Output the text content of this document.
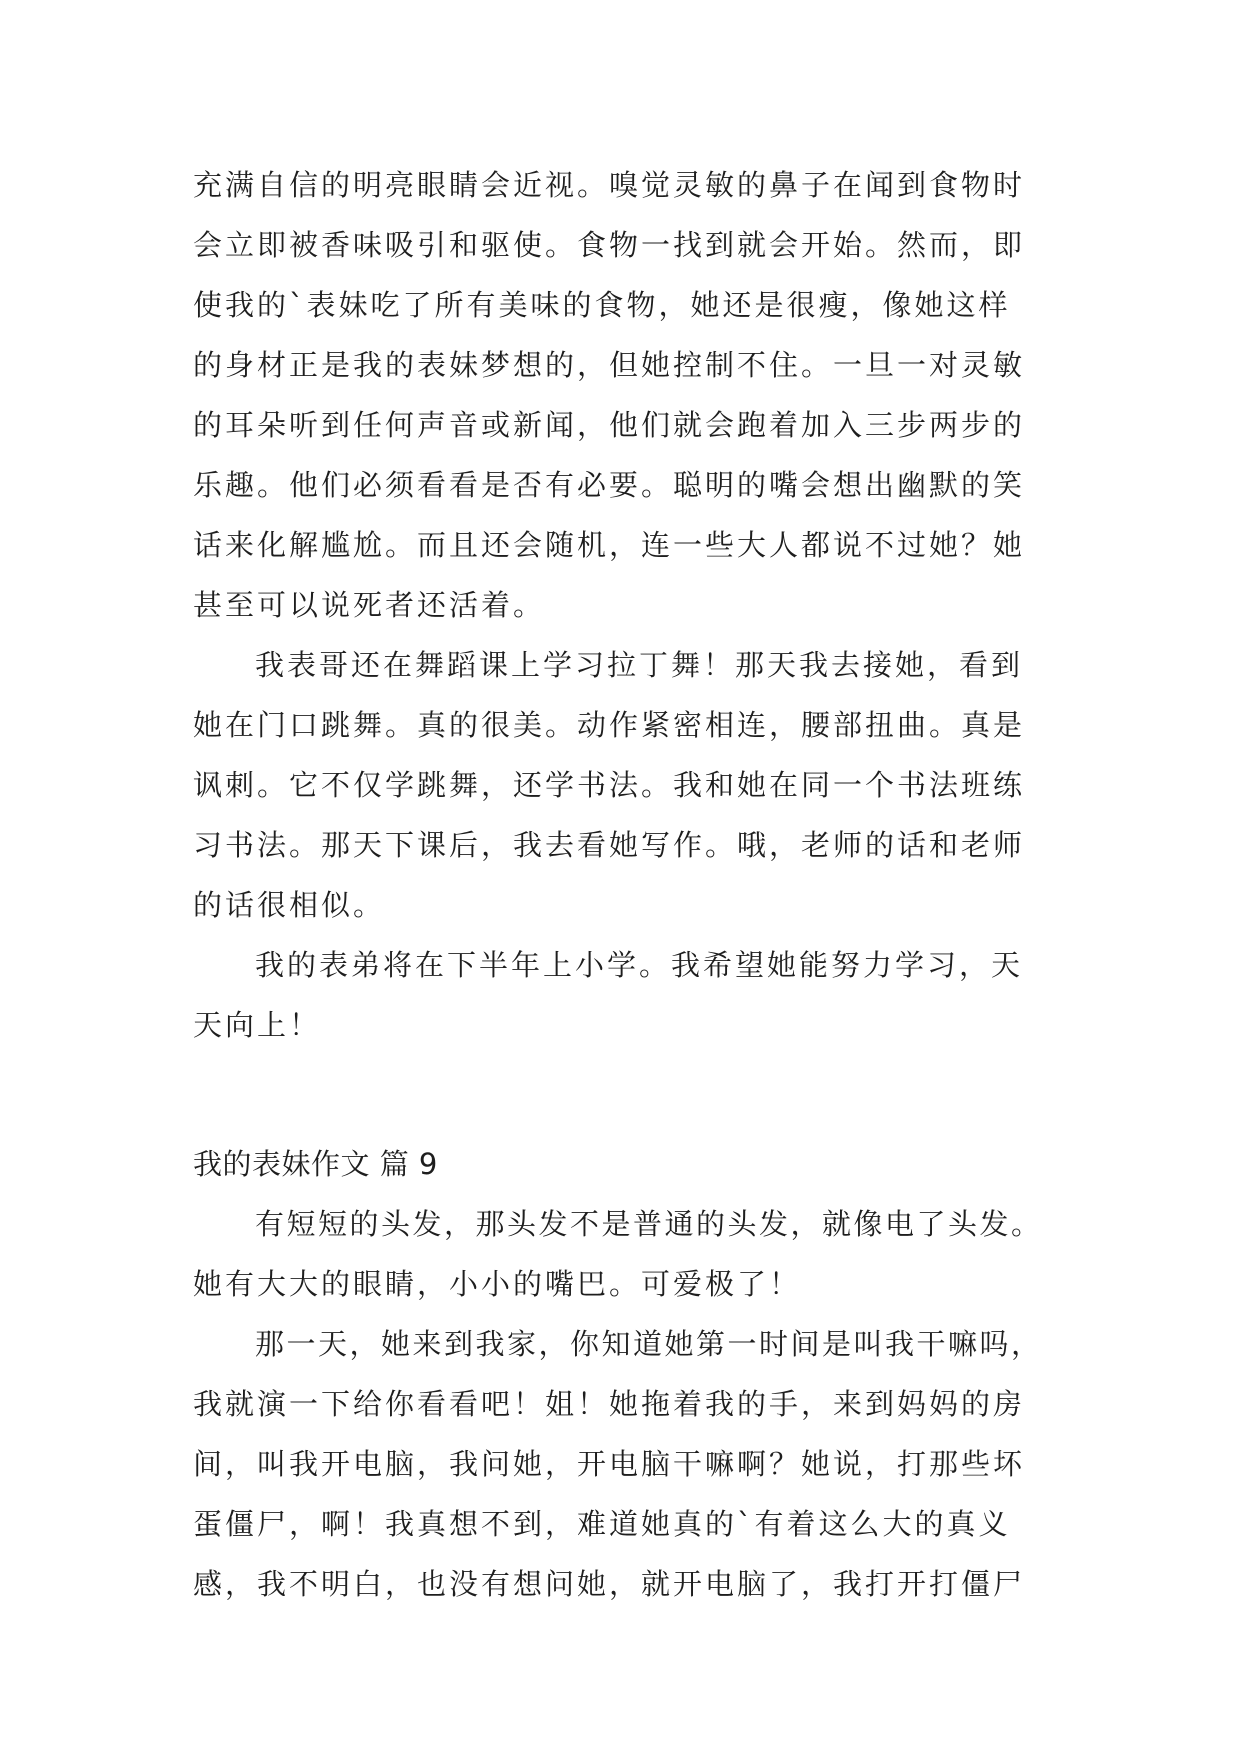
充满自信的明亮眼睛会近视。嗅觉灵敏的鼻子在闻到食物时
会立即被香味吸引和驱使。食物一找到就会开始。然而，即
使我的`表妹吃了所有美味的食物，她还是很瘦，像她这样
的身材正是我的表妹梦想的，但她控制不住。一旦一对灵敏
的耳朵听到任何声音或新闻，他们就会跑着加入三步两步的
乐趣。他们必须看看是否有必要。聪明的嘴会想出幽默的笑
话来化解尴尬。而且还会随机，连一些大人都说不过她？她
甚至可以说死者还活着。
我表哥还在舞蹈课上学习拉丁舞！那天我去接她，看到
她在门口跳舞。真的很美。动作紧密相连，腰部扭曲。真是
讽刺。它不仅学跳舞，还学书法。我和她在同一个书法班练
习书法。那天下课后，我去看她写作。哦，老师的话和老师
的话很相似。
我的表弟将在下半年上小学。我希望她能努力学习，天
天向上！
我的表妹作文 篇 9
有短短的头发，那头发不是普通的头发，就像电了头发。
她有大大的眼睛，小小的嘴巴。可爱极了！
那一天，她来到我家，你知道她第一时间是叫我干嘛吗，
我就演一下给你看看吧！姐！她拖着我的手，来到妈妈的房
间，叫我开电脑，我问她，开电脑干嘛啊？她说，打那些坏
蛋僵尸，啊！我真想不到，难道她真的`有着这么大的真义
感，我不明白，也没有想问她，就开电脑了，我打开打僵尸
